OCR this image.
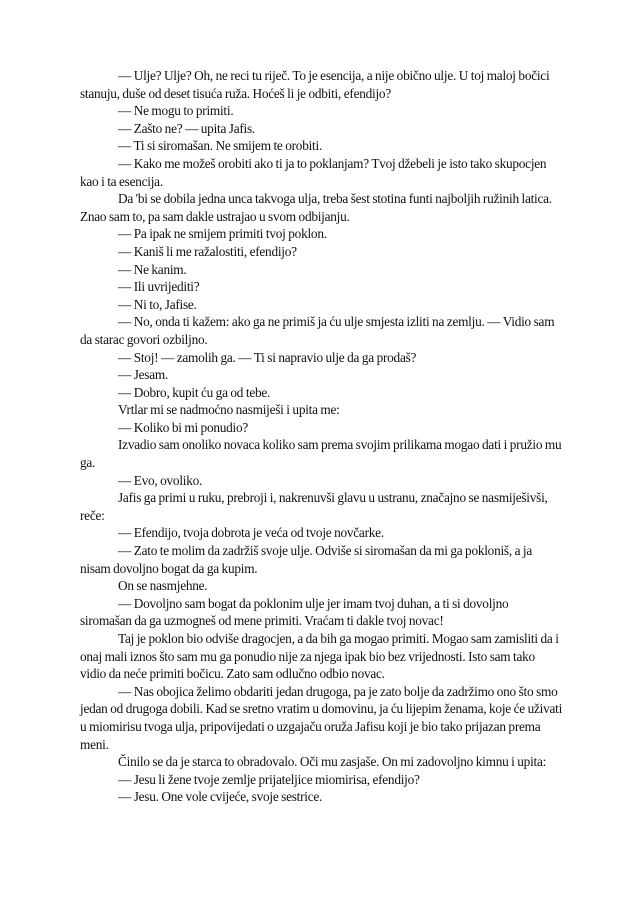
— Ulje? Ulje? Oh, ne reci tu riječ. To je esencija, a nije obično ulje. U toj maloj bočici stanuju, duše od deset tisuća ruža. Hoćeš li je odbiti, efendijo?

— Ne mogu to primiti.

— Zašto ne? — upita Jafis.

— Ti si siromašan. Ne smijem te orobiti.

— Kako me možeš orobiti ako ti ja to poklanjam? Tvoj džebeli je isto tako skupocjen kao i ta esencija.

Da 'bi se dobila jedna unca takvoga ulja, treba šest stotina funti najboljih ružinih latica. Znao sam to, pa sam dakle ustrajao u svom odbijanju.

— Pa ipak ne smijem primiti tvoj poklon.

— Kaniš li me ražalostiti, efendijo?

— Ne kanim.

— Ili uvrijediti?

— Ni to, Jafise.

— No, onda ti kažem: ako ga ne primiš ja ću ulje smjesta izliti na zemlju. — Vidio sam da starac govori ozbiljno.

— Stoj! — zamolih ga. — Ti si napravio ulje da ga prodaš?

— Jesam.

— Dobro, kupit ću ga od tebe.

Vrtlar mi se nadmoćno nasmiješi i upita me:

— Koliko bi mi ponudio?

Izvadio sam onoliko novaca koliko sam prema svojim prilikama mogao dati i pružio mu ga.

— Evo, ovoliko.

Jafis ga primi u ruku, prebroji i, nakrenuvši glavu u ustranu, značajno se nasmiješivši, reče:

— Efendijo, tvoja dobrota je veća od tvoje novčarke.

— Zato te molim da zadržiš svoje ulje. Odviše si siromašan da mi ga pokloniš, a ja nisam dovoljno bogat da ga kupim.

On se nasmjehne.

— Dovoljno sam bogat da poklonim ulje jer imam tvoj duhan, a ti si dovoljno siromašan da ga uzmogneš od mene primiti. Vraćam ti dakle tvoj novac!

Taj je poklon bio odviše dragocjen, a da bih ga mogao primiti. Mogao sam zamisliti da i onaj mali iznos što sam mu ga ponudio nije za njega ipak bio bez vrijednosti. Isto sam tako vidio da neće primiti bočicu. Zato sam odlučno odbio novac.

— Nas obojica želimo obdariti jedan drugoga, pa je zato bolje da zadržimo ono što smo jedan od drugoga dobili. Kad se sretno vratim u domovinu, ja ću lijepim ženama, koje će uživati u miomirisu tvoga ulja, pripovijedati o uzgajaču oruža Jafisu koji je bio tako prijazan prema meni.

Činilo se da je starca to obradovalo. Oči mu zasjaše. On mi zadovoljno kimnu i upita:

— Jesu li žene tvoje zemlje prijateljice miomirisa, efendijo?

— Jesu. One vole cvijeće, svoje sestrice.
